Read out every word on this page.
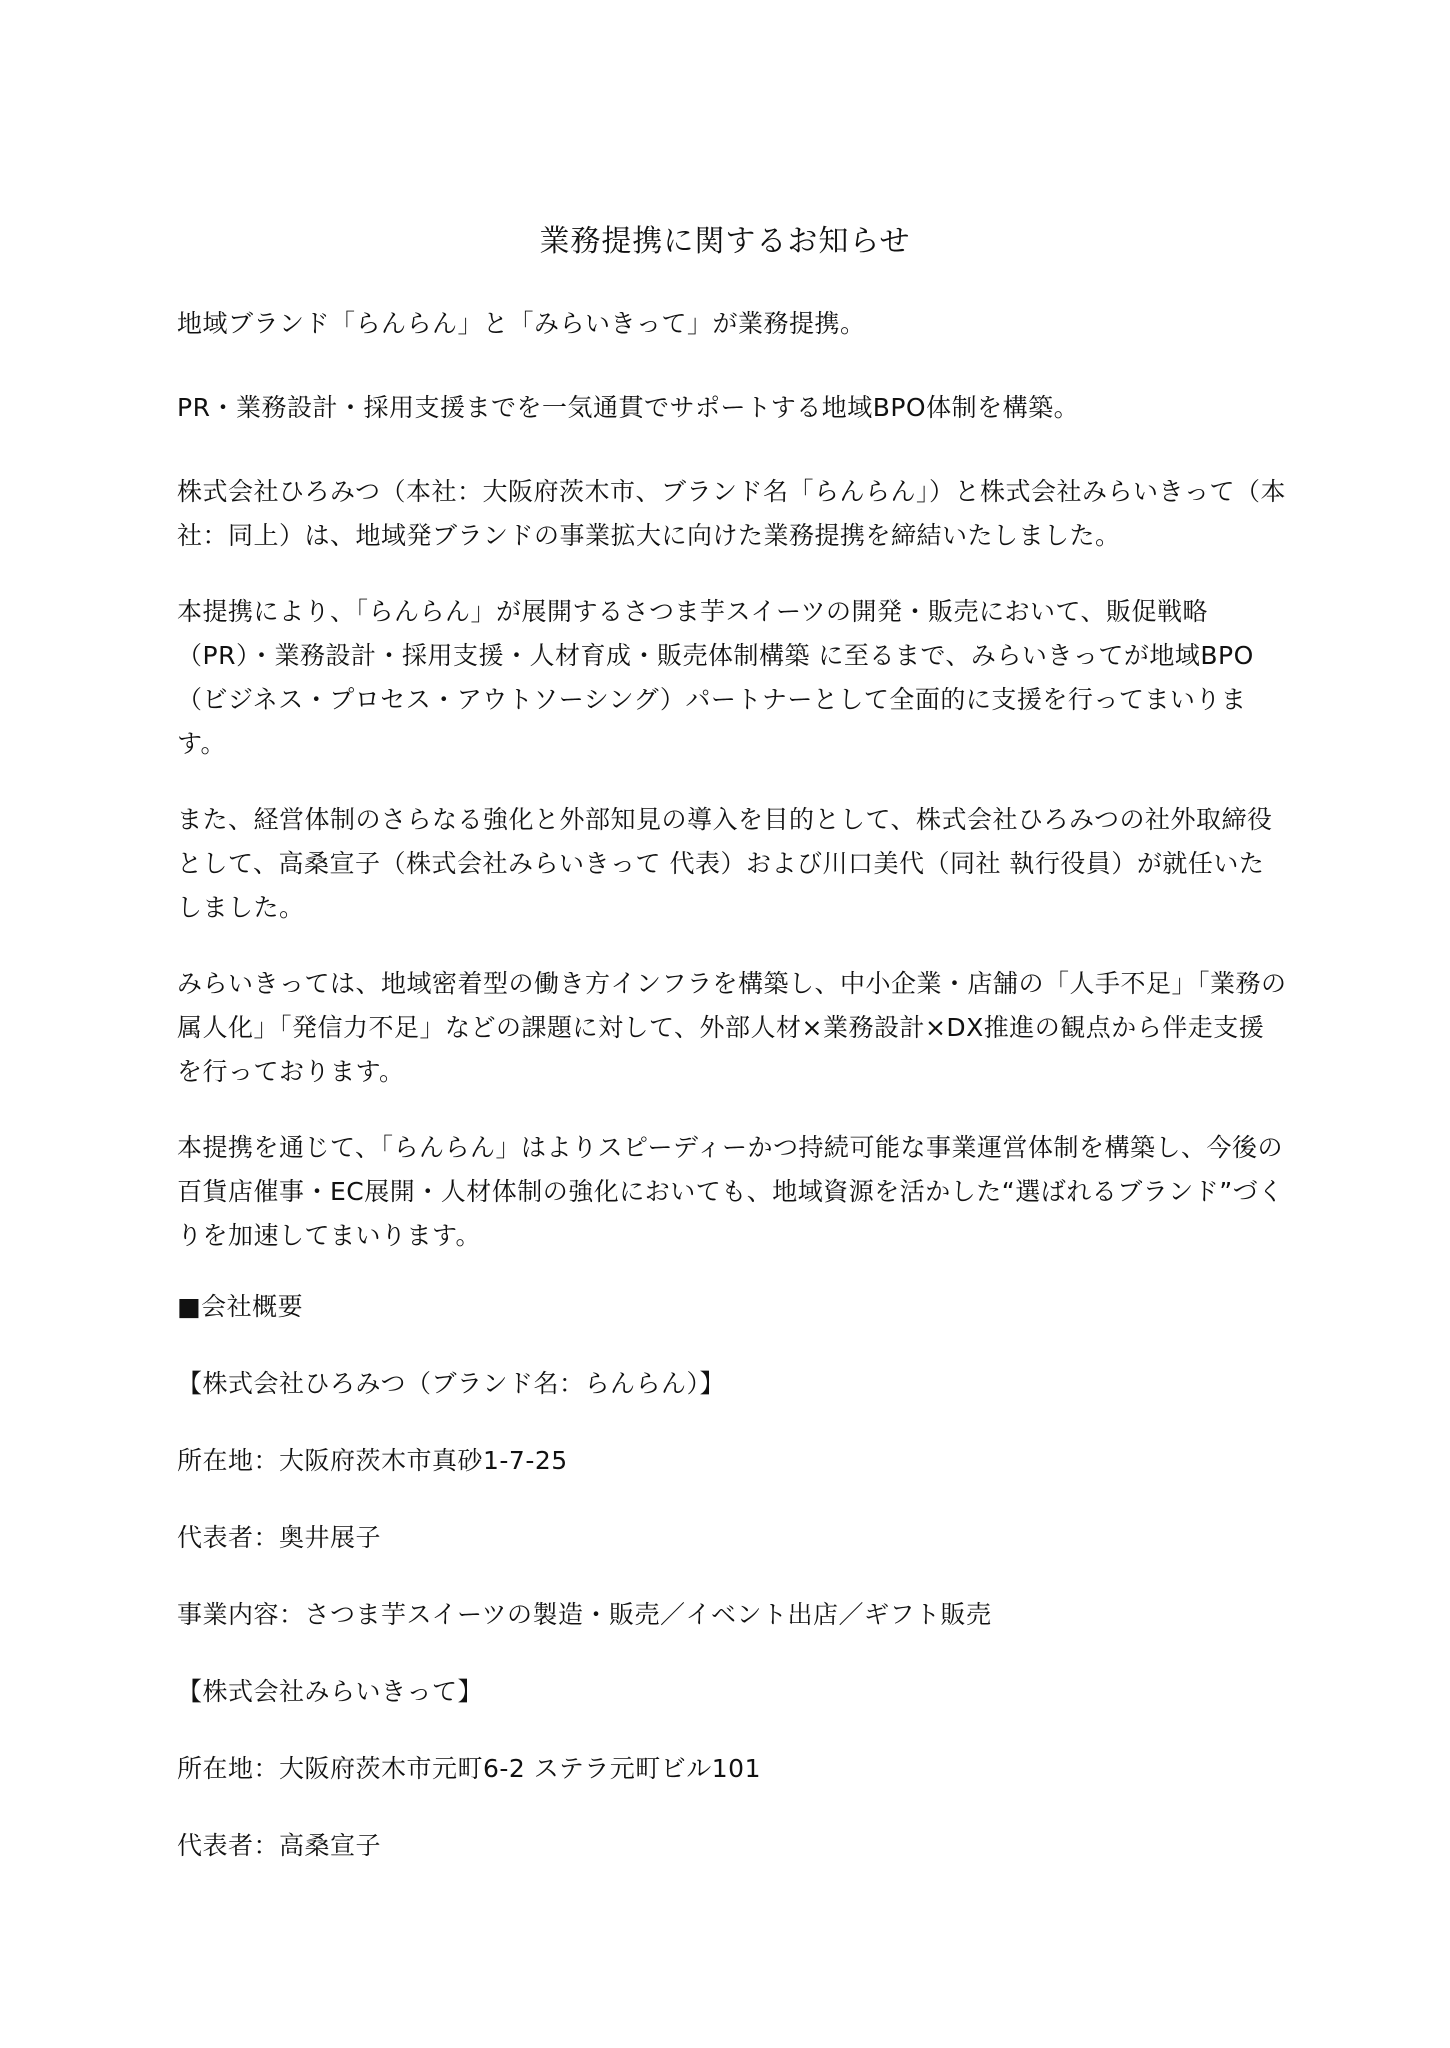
業務提携に関するお知らせ

地域ブランド「らんらん」と「みらいきって」が業務提携。

PR・業務設計・採用支援までを一気通貫でサポートする地域BPO体制を構築。

株式会社ひろみつ（本社：大阪府茨木市、ブランド名「らんらん」）と株式会社みらいきって（本社：同上）は、地域発ブランドの事業拡大に向けた業務提携を締結いたしました。

本提携により、「らんらん」が展開するさつま芋スイーツの開発・販売において、販促戦略（PR）・業務設計・採用支援・人材育成・販売体制構築 に至るまで、みらいきってが地域BPO（ビジネス・プロセス・アウトソーシング）パートナーとして全面的に支援を行ってまいります。

また、経営体制のさらなる強化と外部知見の導入を目的として、株式会社ひろみつの社外取締役として、高桑宣子（株式会社みらいきって 代表）および川口美代（同社 執行役員）が就任いたしました。

みらいきっては、地域密着型の働き方インフラを構築し、中小企業・店舗の「人手不足」「業務の属人化」「発信力不足」などの課題に対して、外部人材×業務設計×DX推進の観点から伴走支援を行っております。

本提携を通じて、「らんらん」はよりスピーディーかつ持続可能な事業運営体制を構築し、今後の百貨店催事・EC展開・人材体制の強化においても、地域資源を活かした“選ばれるブランド”づくりを加速してまいります。

■会社概要

【株式会社ひろみつ（ブランド名：らんらん）】

所在地：大阪府茨木市真砂1-7-25

代表者：奥井展子

事業内容：さつま芋スイーツの製造・販売／イベント出店／ギフト販売

【株式会社みらいきって】

所在地：大阪府茨木市元町6-2 ステラ元町ビル101

代表者：高桑宣子
